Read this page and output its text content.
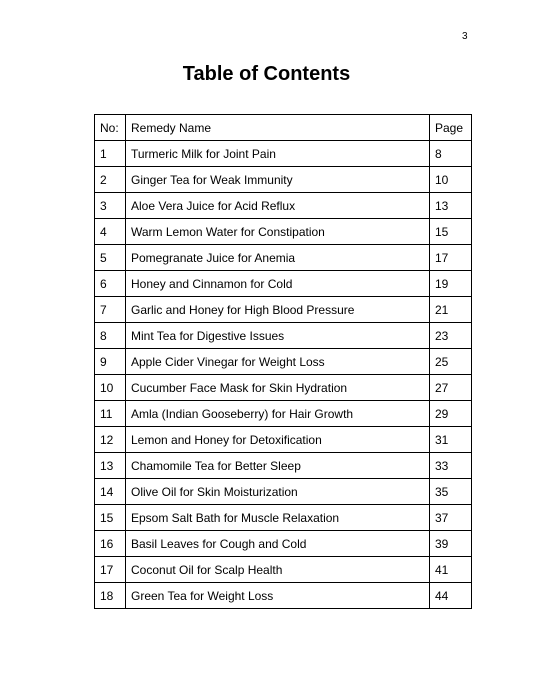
3
Table of Contents
No:	Remedy Name	Page
1	Turmeric Milk for Joint Pain	8
2	Ginger Tea for Weak Immunity	10
3	Aloe Vera Juice for Acid Reflux	13
4	Warm Lemon Water for Constipation	15
5	Pomegranate Juice for Anemia	17
6	Honey and Cinnamon for Cold	19
7	Garlic and Honey for High Blood Pressure	21
8	Mint Tea for Digestive Issues	23
9	Apple Cider Vinegar for Weight Loss	25
10	Cucumber Face Mask for Skin Hydration	27
11	Amla (Indian Gooseberry) for Hair Growth	29
12	Lemon and Honey for Detoxification	31
13	Chamomile Tea for Better Sleep	33
14	Olive Oil for Skin Moisturization	35
15	Epsom Salt Bath for Muscle Relaxation	37
16	Basil Leaves for Cough and Cold	39
17	Coconut Oil for Scalp Health	41
18	Green Tea for Weight Loss	44
